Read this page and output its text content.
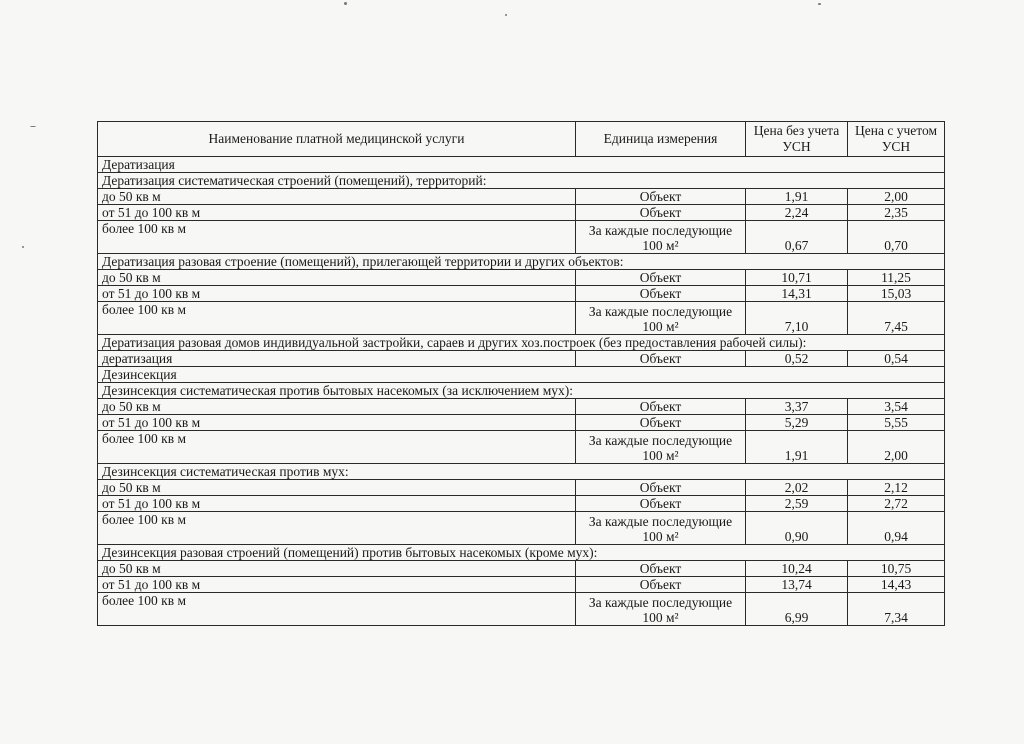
Наименование платной медицинской услуги	Единица измерения	Цена без учета УСН	Цена с учетом УСН
Дератизация			
Дератизация систематическая строений (помещений), территорий:			
до 50 кв м	Объект	1,91	2,00
от 51 до 100 кв м	Объект	2,24	2,35
более 100 кв м	За каждые последующие 100 м²	0,67	0,70
Дератизация разовая строение (помещений), прилегающей территории и других объектов:			
до 50 кв м	Объект	10,71	11,25
от 51 до 100 кв м	Объект	14,31	15,03
более 100 кв м	За каждые последующие 100 м²	7,10	7,45
Дератизация разовая домов индивидуальной застройки, сараев и других хоз.построек (без предоставления рабочей силы):			
дератизация	Объект	0,52	0,54
Дезинсекция			
Дезинсекция систематическая против бытовых насекомых (за исключением мух):			
до 50 кв м	Объект	3,37	3,54
от 51 до 100 кв м	Объект	5,29	5,55
более 100 кв м	За каждые последующие 100 м²	1,91	2,00
Дезинсекция систематическая против мух:			
до 50 кв м	Объект	2,02	2,12
от 51 до 100 кв м	Объект	2,59	2,72
более 100 кв м	За каждые последующие 100 м²	0,90	0,94
Дезинсекция разовая строений (помещений) против бытовых насекомых (кроме мух):			
до 50 кв м	Объект	10,24	10,75
от 51 до 100 кв м	Объект	13,74	14,43
более 100 кв м	За каждые последующие 100 м²	6,99	7,34
